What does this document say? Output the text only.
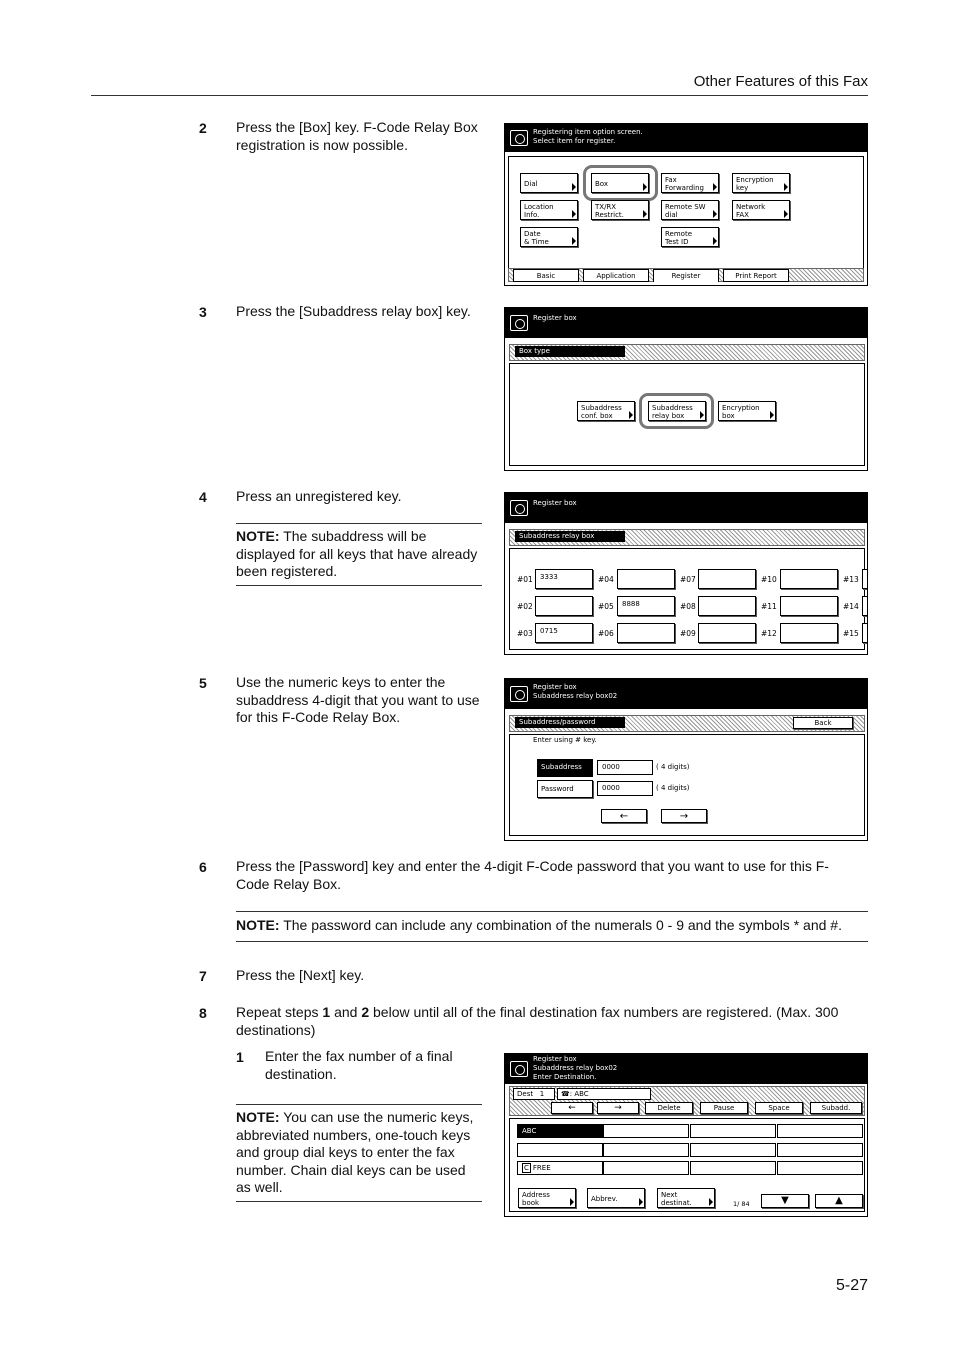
Other Features of this Fax
2 Press the [Box] key. F-Code Relay Box registration is now possible.
Registering item option screen.
Select item for register.
Dial	Box	Fax
Forwarding
Encryption
key
Location
Info.
TX/RX
Restrict.
Remote SW
dial
Network
FAX
Date
& Time
Remote
Test ID
Basic	Application	Register	Print Report
3 Press the [Subaddress relay box] key.	Register box
Box type
Subaddress
conf. box
Subaddress
relay box
Encryption
box
4 Press an unregistered key.
NOTE: The subaddress will be displayed for all keys that have already been registered.
Register box
Subaddress relay box
#01	3333	#04	#07	#10	#13
#02	#05	8888	#08	#11	#14
#03	0715	#06	#09	#12	#15
5 Use the numeric keys to enter the subaddress 4-digit that you want to use for this F-Code Relay Box.
Register box
Subaddress relay box02
Subaddress/password	Back
Enter using # key.
Subaddress	0000	( 4 digits)
Password	0000	( 4 digits)
←	→
6 Press the [Password] key and enter the 4-digit F-Code password that you want to use for this F-Code Relay Box.
NOTE: The password can include any combination of the numerals 0 - 9 and the symbols * and #.
7 Press the [Next] key.
8 Repeat steps 1 and 2 below until all of the final destination fax numbers are registered. (Max. 300 destinations)
1 Enter the fax number of a final destination.
NOTE: You can use the numeric keys, abbreviated numbers, one-touch keys and group dial keys to enter the fax number. Chain dial keys can be used as well.
Register box
Subaddress relay box02
Enter Destination.
Dest 1	☎: ABC
←	→	Delete	Pause	Space	Subadd.
ABC
C FREE
Address
book	Abbrev.	Next
destinat.	1/ 84	▼	▲
5-27
